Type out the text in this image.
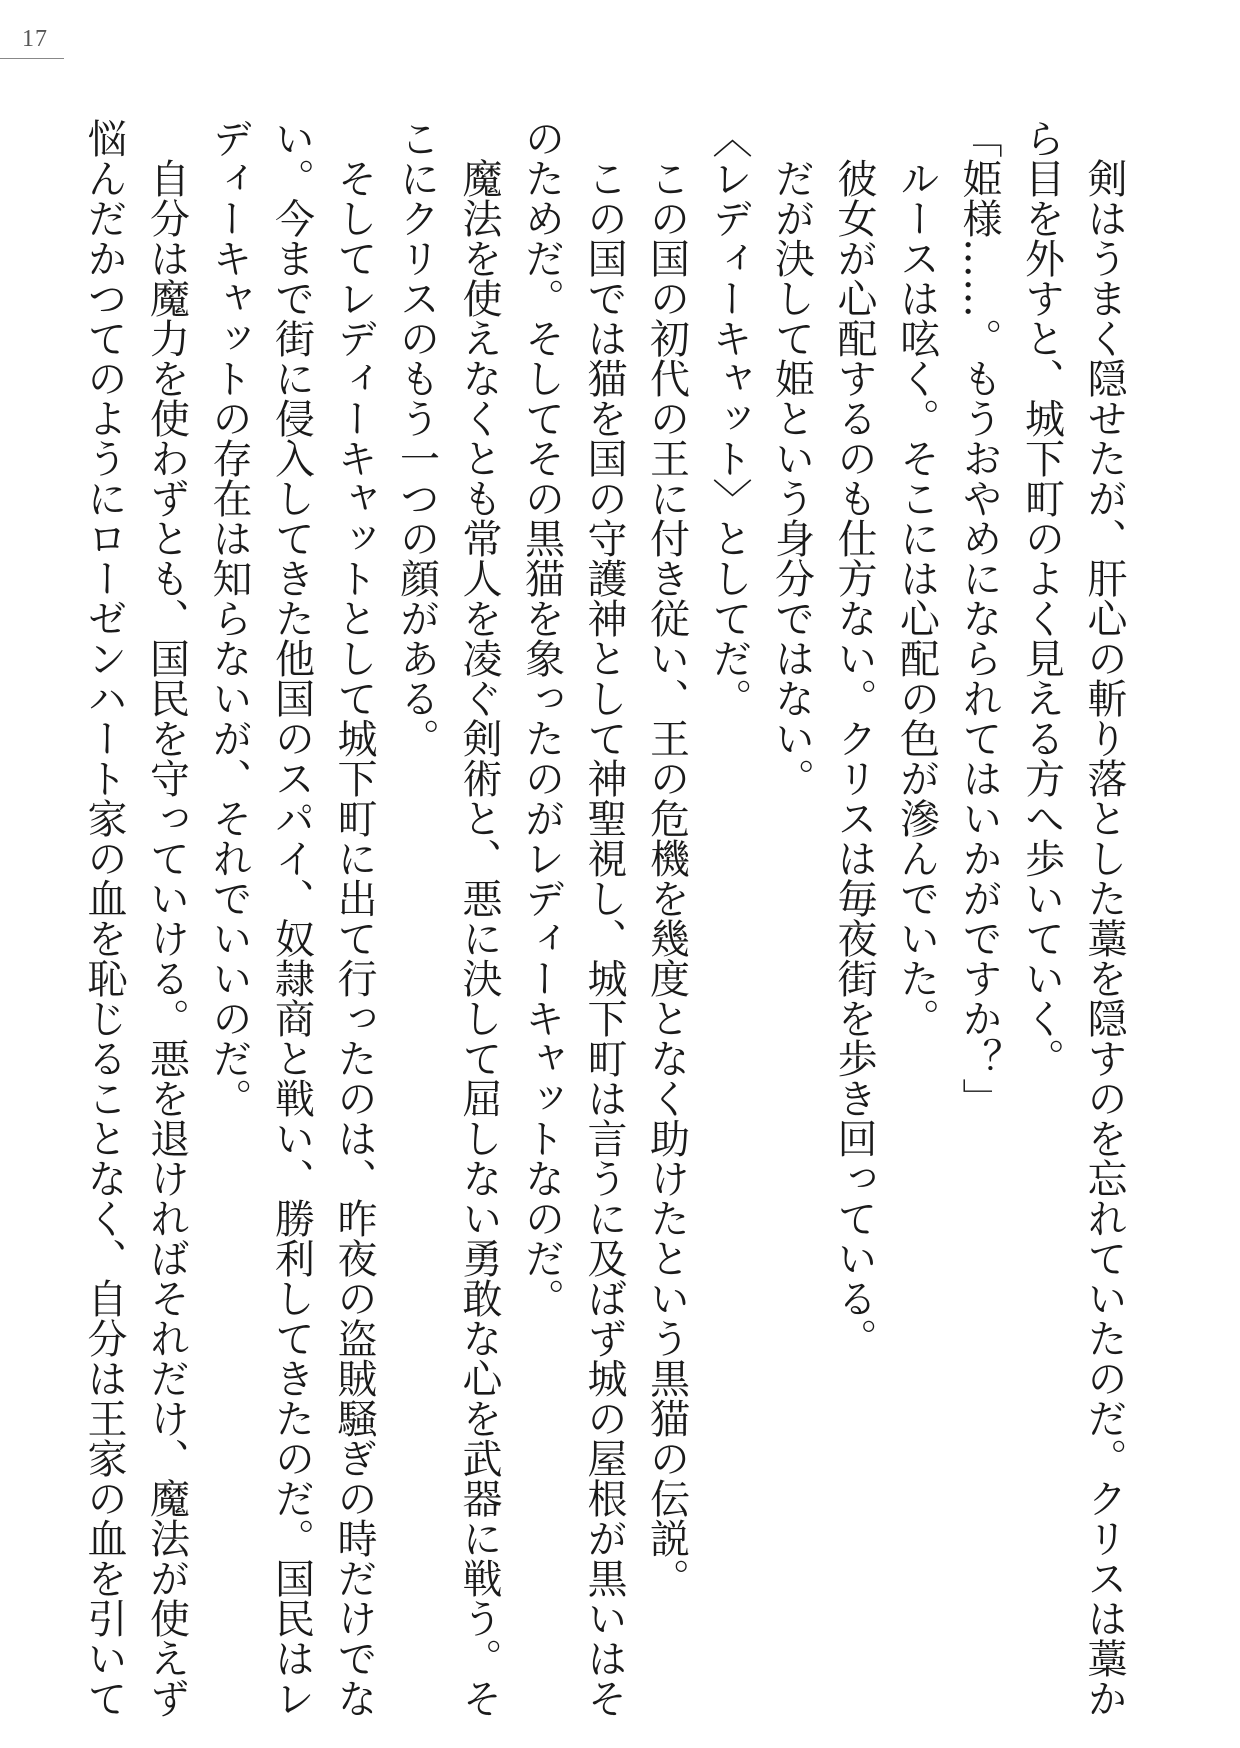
17
　剣はうまく隠せたが、肝心の斬り落とした藁を隠すのを忘れていたのだ。クリスは藁か
ら目を外すと、城下町のよく見える方へ歩いていく。
「姫様……。もうおやめになられてはいかがですか？」
　ルースは呟く。そこには心配の色が滲んでいた。
　彼女が心配するのも仕方ない。クリスは毎夜街を歩き回っている。
　だが決して姫という身分ではない。
〈レディーキャット〉としてだ。
　この国の初代の王に付き従い、王の危機を幾度となく助けたという黒猫の伝説。
　この国では猫を国の守護神として神聖視し、城下町は言うに及ばず城の屋根が黒いはそ
のためだ。そしてその黒猫を象ったのがレディーキャットなのだ。
　魔法を使えなくとも常人を凌ぐ剣術と、悪に決して屈しない勇敢な心を武器に戦う。そ
こにクリスのもう一つの顔がある。
　そしてレディーキャットとして城下町に出て行ったのは、昨夜の盗賊騒ぎの時だけでな
い。今まで街に侵入してきた他国のスパイ、奴隷商と戦い、勝利してきたのだ。国民はレ
ディーキャットの存在は知らないが、それでいいのだ。
　自分は魔力を使わずとも、国民を守っていける。悪を退ければそれだけ、魔法が使えず
悩んだかつてのようにローゼンハート家の血を恥じることなく、自分は王家の血を引いて
